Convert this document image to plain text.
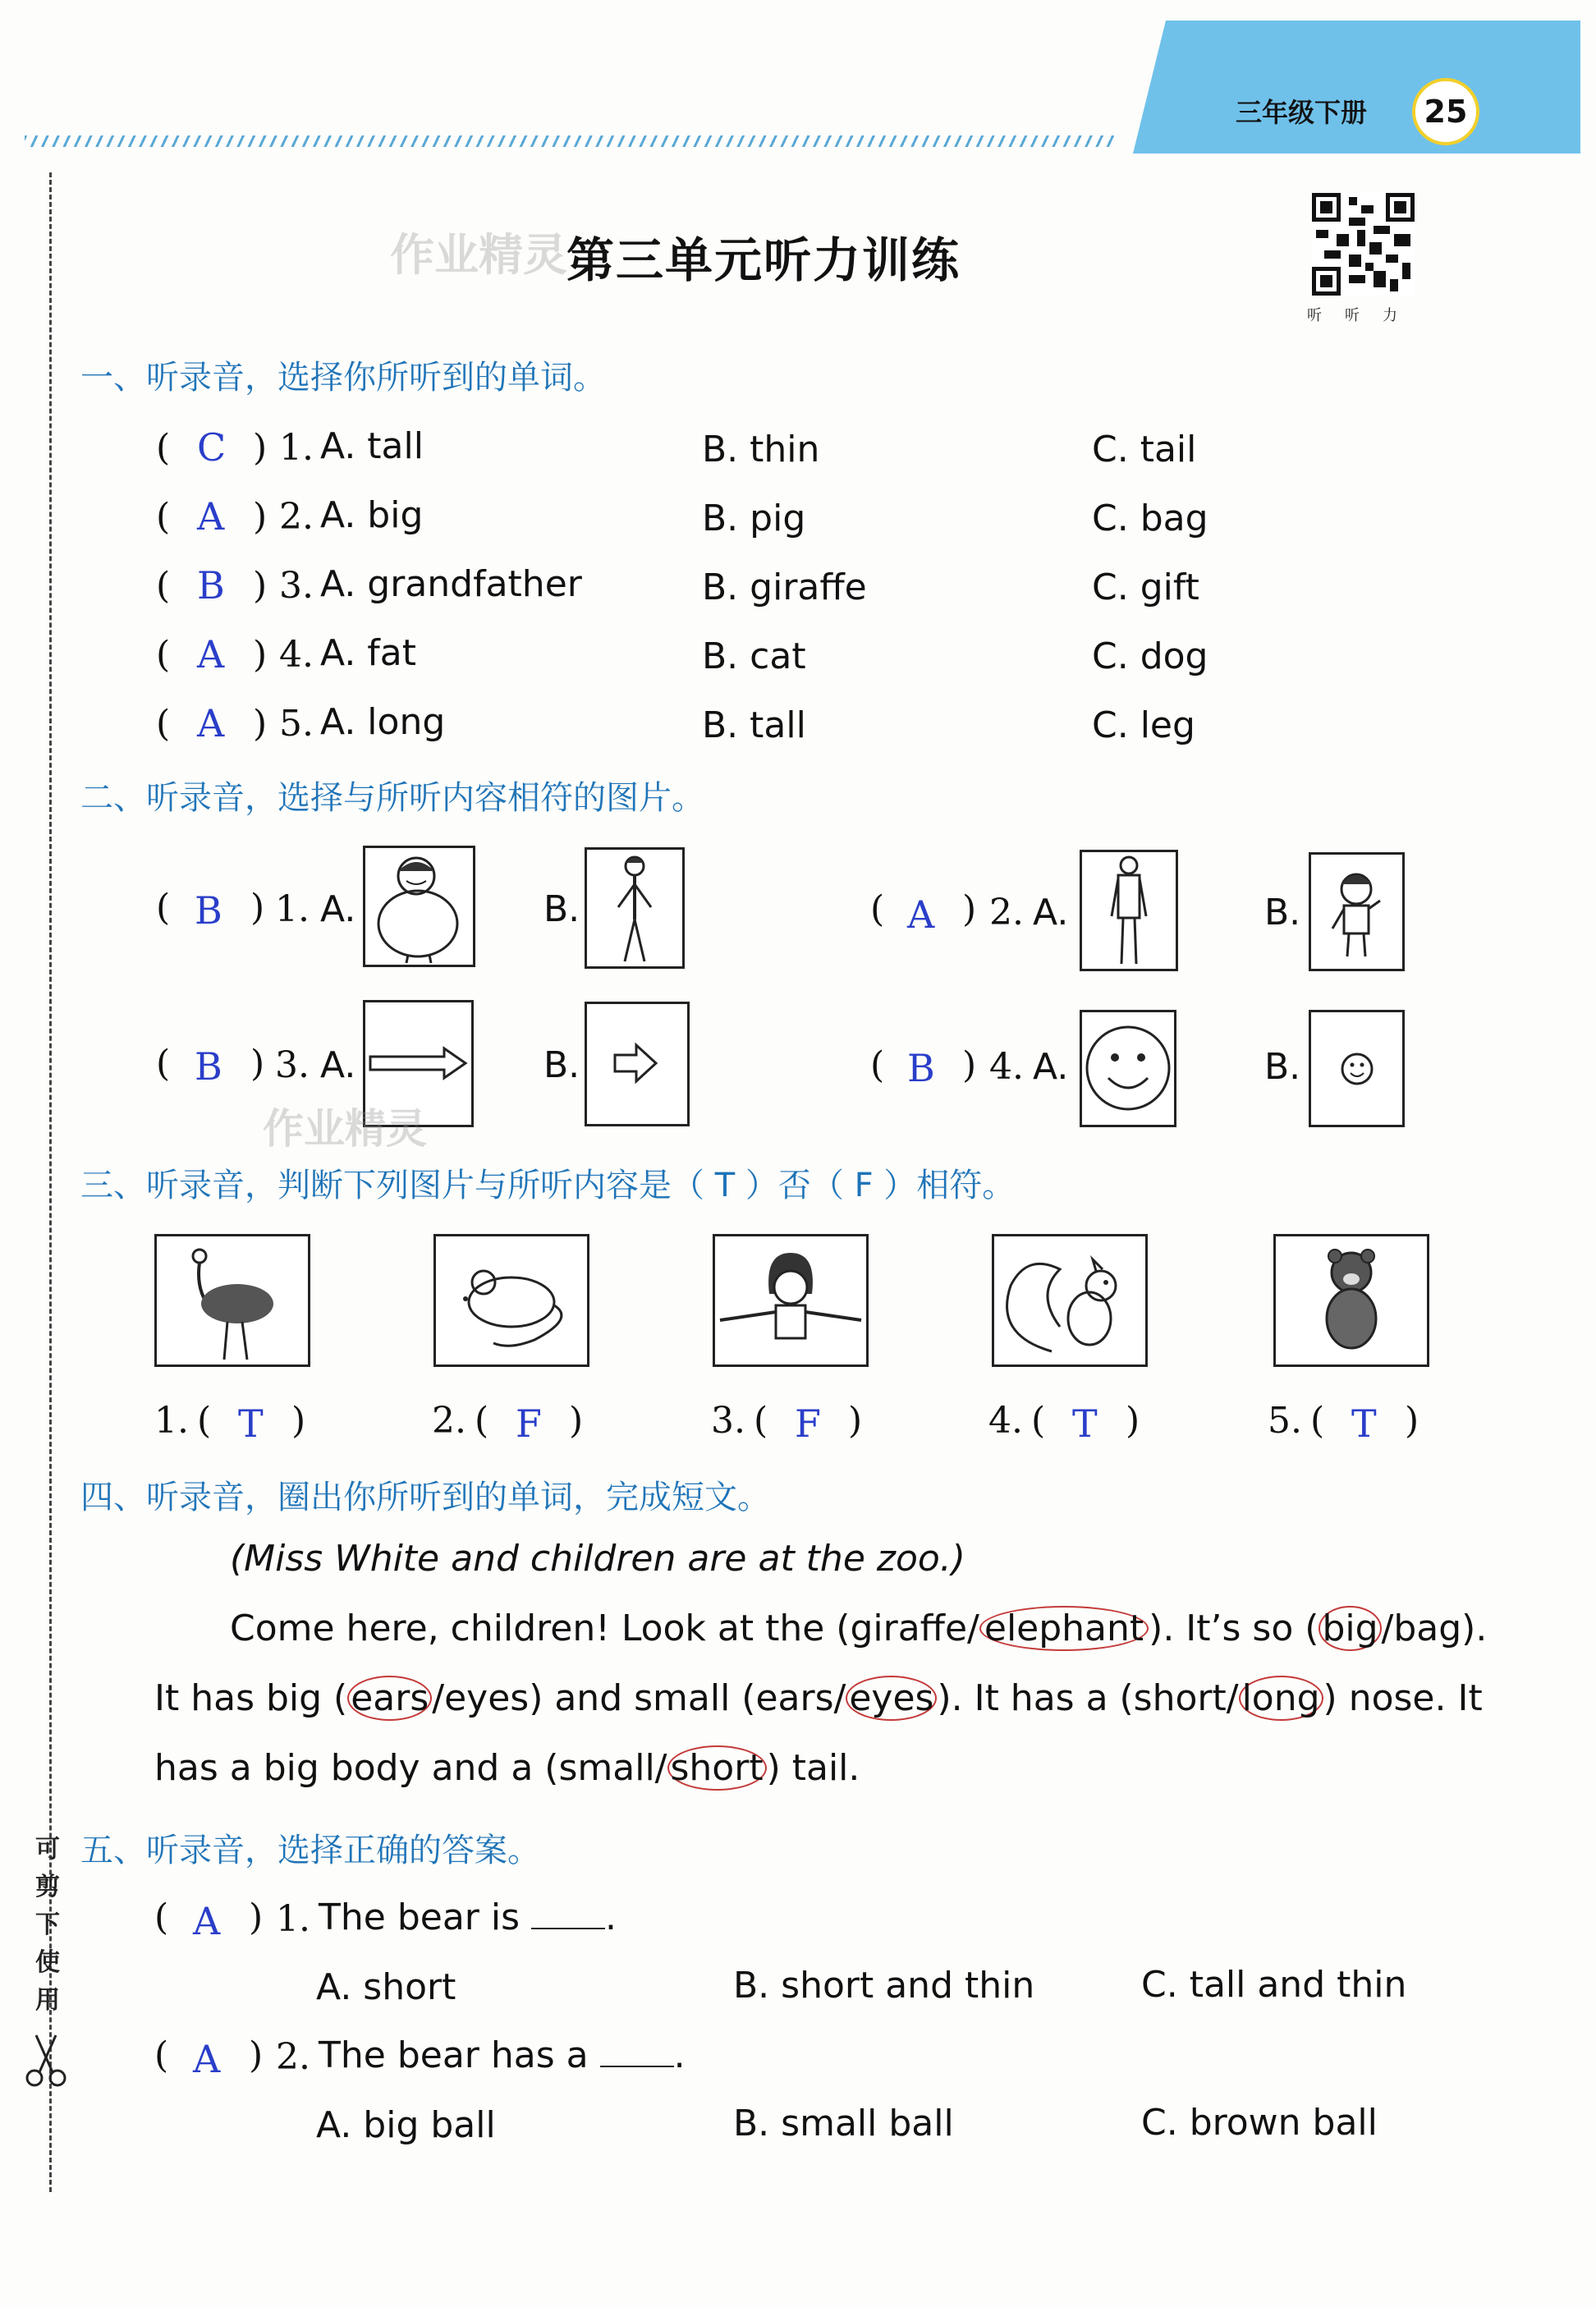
三年级下册	25
可
剪
下
使
用
作业精灵 第三单元听力训练
听听力
一、听录音，选择你所听到的单词。
( C ) 1. A. tall	B. thin	C. tail
( A ) 2. A. big	B. pig	C. bag
( B ) 3. A. grandfather	B. giraffe	C. gift
( A ) 4. A. fat	B. cat	C. dog
( A ) 5. A. long	B. tall	C. leg
二、听录音，选择与所听内容相符的图片。
( B ) 1. A.	B.	( A ) 2. A.	B.
( B ) 3. A.	B.
作业精灵
( B ) 4. A.	B.
三、听录音，判断下列图片与所听内容是（ T ）否（ F ）相符。
1. ( T )	2. ( F )	3. ( F )	4. ( T )	5. ( T )
四、听录音，圈出你所听到的单词，完成短文。
(Miss White and children are at the zoo.)
Come here, children! Look at the (giraffe/ elephant ). It’s so (big/bag).
It has big (ears/eyes) and small (ears/eyes). It has a (short/long) nose. It
has a big body and a (small/short) tail.
五、听录音，选择正确的答案。
( A ) 1. The bear is .
A. short	B. short and thin	C. tall and thin
( A ) 2. The bear has a .
A. big ball	B. small ball	C. brown ball
